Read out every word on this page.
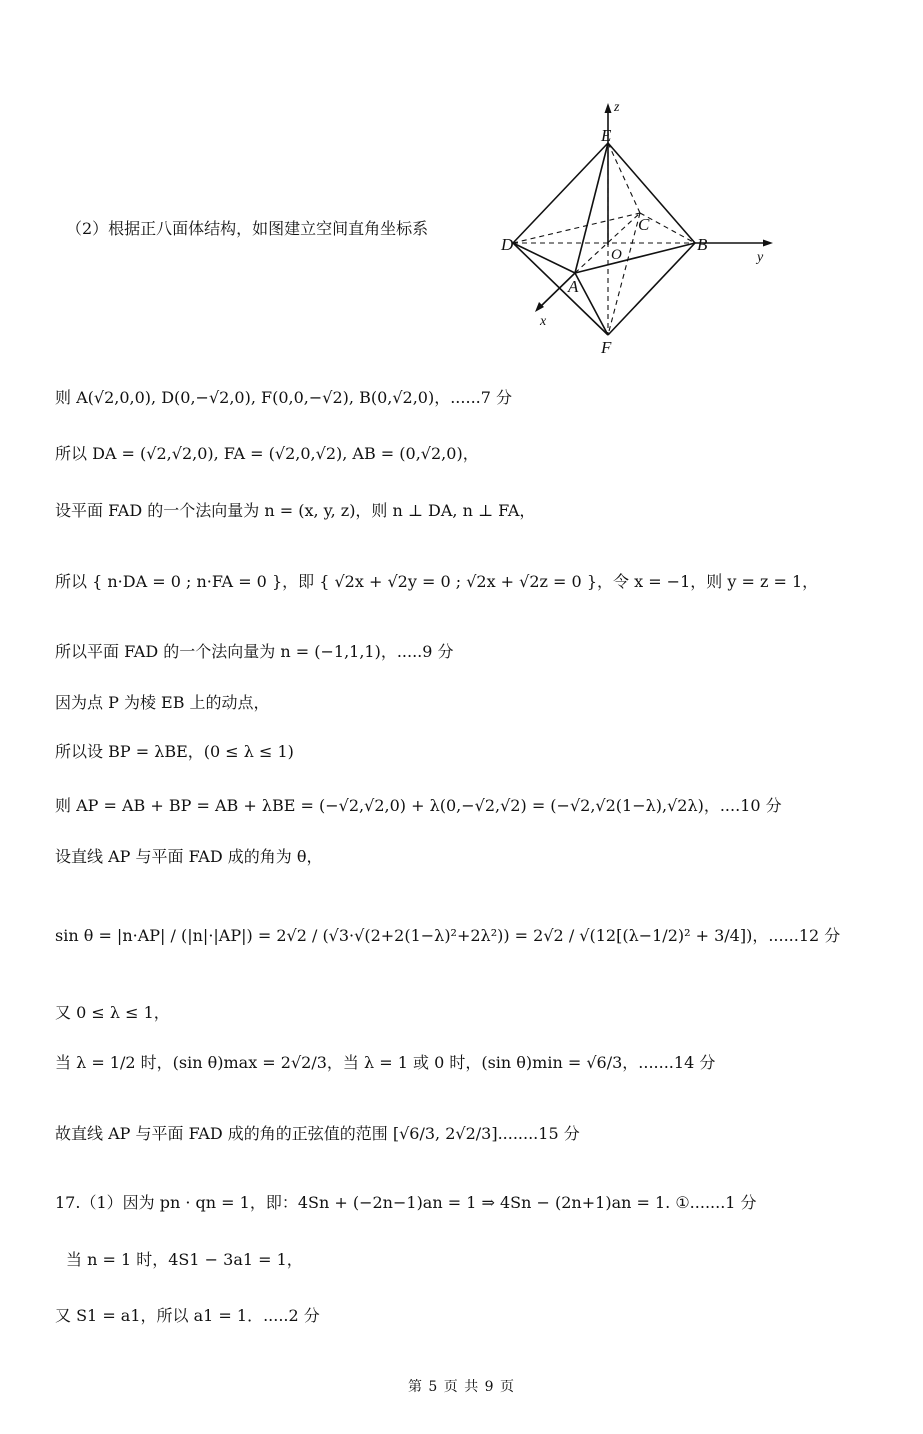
（2）根据正八面体结构，如图建立空间直角坐标系
E
C
D
O
B
A
F
z
y
x
则 A(√2,0,0), D(0,−√2,0), F(0,0,−√2), B(0,√2,0)，......7 分
所以 DA = (√2,√2,0), FA = (√2,0,√2), AB = (0,√2,0)，
设平面 FAD 的一个法向量为 n = (x, y, z)，则 n ⊥ DA, n ⊥ FA，
所以 { n·DA = 0 ; n·FA = 0 }，即 { √2x + √2y = 0 ; √2x + √2z = 0 }，令 x = −1，则 y = z = 1，
所以平面 FAD 的一个法向量为 n = (−1,1,1)，.....9 分
因为点 P 为棱 EB 上的动点，
所以设 BP = λBE，(0 ≤ λ ≤ 1)
则 AP = AB + BP = AB + λBE = (−√2,√2,0) + λ(0,−√2,√2) = (−√2,√2(1−λ),√2λ)，....10 分
设直线 AP 与平面 FAD 成的角为 θ，
sin θ = |n·AP| / (|n|·|AP|) = 2√2 / (√3·√(2+2(1−λ)²+2λ²)) = 2√2 / √(12[(λ−1/2)² + 3/4])，......12 分
又 0 ≤ λ ≤ 1，
当 λ = 1/2 时，(sin θ)max = 2√2/3，当 λ = 1 或 0 时，(sin θ)min = √6/3，.......14 分
故直线 AP 与平面 FAD 成的角的正弦值的范围 [√6/3, 2√2/3]........15 分
17.（1）因为 pn · qn = 1，即：4Sn + (−2n−1)an = 1 ⇒ 4Sn − (2n+1)an = 1. ①.......1 分
当 n = 1 时，4S1 − 3a1 = 1，
又 S1 = a1，所以 a1 = 1．.....2 分
第 5 页 共 9 页
